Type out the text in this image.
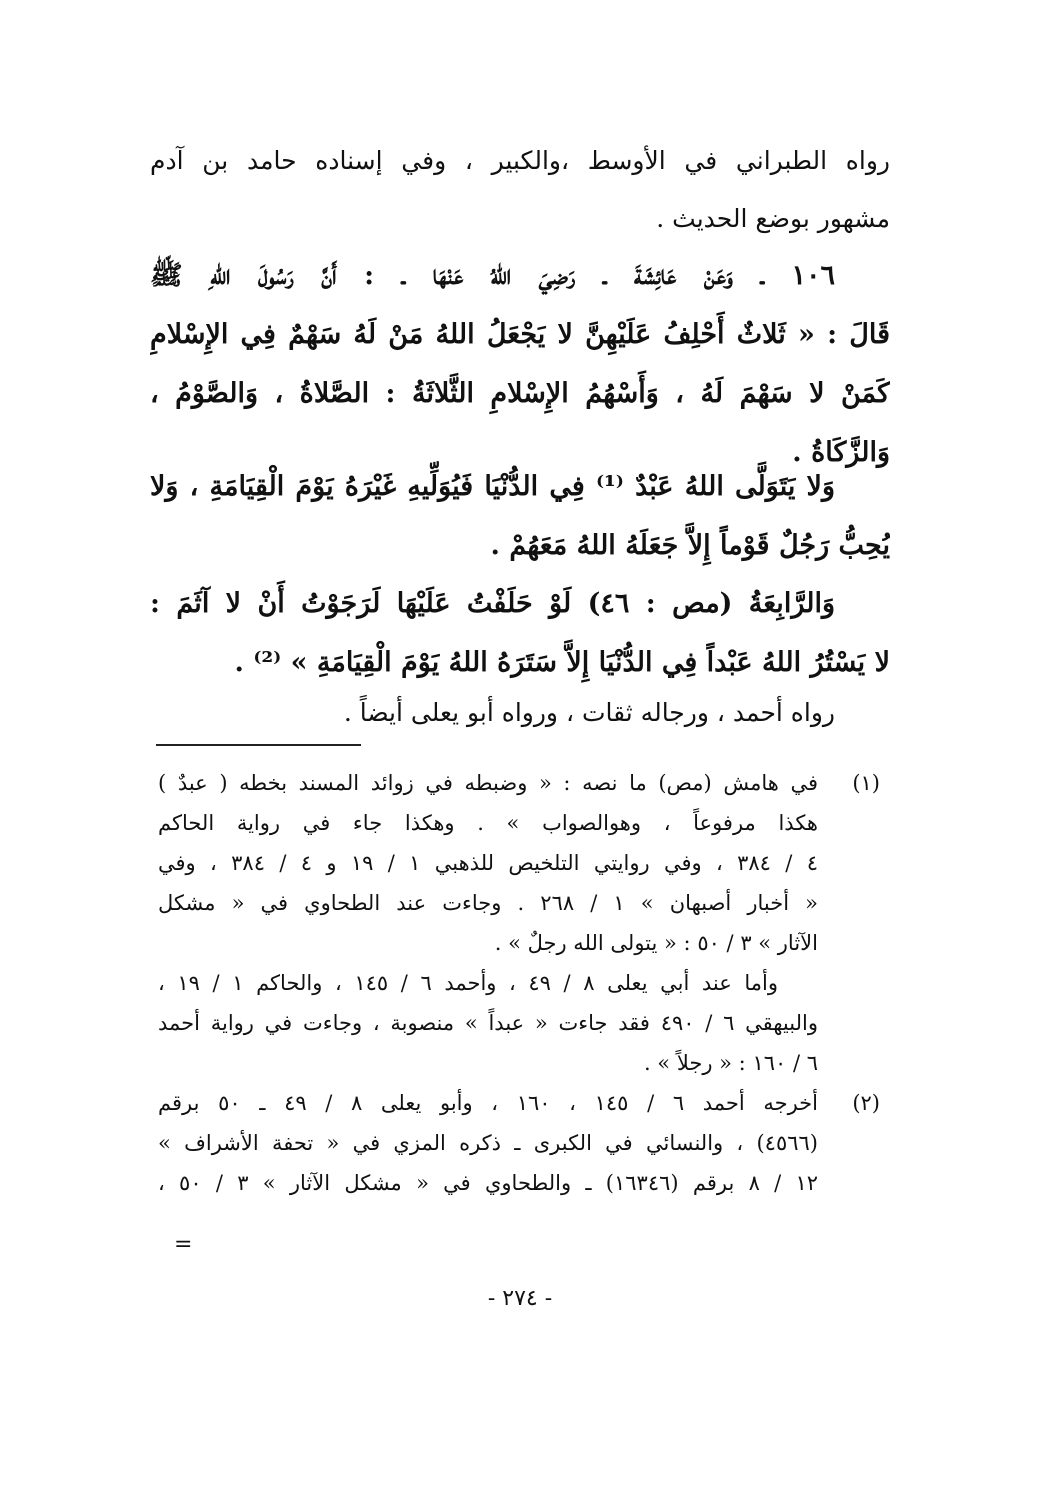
رواه الطبراني في الأوسط ،والكبير ، وفي إسناده حامد بن آدم
مشهور بوضع الحديث .
١٠٦ ـ وَعَنْ عَائِشَةَ ـ رَضِيَ اللهُ عَنْهَا ـ : أَنَّ رَسُولَ اللهِ ﷺ
قَالَ : « ثَلاثٌ أَحْلِفُ عَلَيْهِنَّ لا يَجْعَلُ اللهُ مَنْ لَهُ سَهْمٌ فِي الإِسْلامِ
كَمَنْ لا سَهْمَ لَهُ ، وَأَسْهُمُ الإِسْلامِ الثَّلاثَةُ : الصَّلاةُ ، وَالصَّوْمُ ،
وَالزَّكَاةُ .
وَلا يَتَوَلَّى اللهُ عَبْدٌ ⁽¹⁾ فِي الدُّنْيَا فَيُوَلِّيهِ غَيْرَهُ يَوْمَ الْقِيَامَةِ ، وَلا
يُحِبُّ رَجُلٌ قَوْماً إِلاَّ جَعَلَهُ اللهُ مَعَهُمْ .
وَالرَّابِعَةُ (مص : ٤٦) لَوْ حَلَفْتُ عَلَيْهَا لَرَجَوْتُ أَنْ لا آثَمَ :
لا يَسْتُرُ اللهُ عَبْداً فِي الدُّنْيَا إِلاَّ سَتَرَهُ اللهُ يَوْمَ الْقِيَامَةِ » ⁽²⁾ .
رواه أحمد ، ورجاله ثقات ، ورواه أبو يعلى أيضاً .
(١)
في هامش (مص) ما نصه : « وضبطه في زوائد المسند بخطه ( عبدٌ )
هكذا مرفوعاً ، وهوالصواب » . وهكذا جاء في رواية الحاكم
٤ / ٣٨٤ ، وفي روايتي التلخيص للذهبي ١ / ١٩ و ٤ / ٣٨٤ ، وفي
« أخبار أصبهان » ١ / ٢٦٨ . وجاءت عند الطحاوي في « مشكل
الآثار » ٣ / ٥٠ : « يتولى الله رجلٌ » .
وأما عند أبي يعلى ٨ / ٤٩ ، وأحمد ٦ / ١٤٥ ، والحاكم ١ / ١٩ ،
والبيهقي ٦ / ٤٩٠ فقد جاءت « عبداً » منصوبة ، وجاءت في رواية أحمد
٦ / ١٦٠ : « رجلاً » .
(٢)
أخرجه أحمد ٦ / ١٤٥ ، ١٦٠ ، وأبو يعلى ٨ / ٤٩ ـ ٥٠ برقم
(٤٥٦٦) ، والنسائي في الكبرى ـ ذكره المزي في « تحفة الأشراف »
١٢ / ٨ برقم (١٦٣٤٦) ـ والطحاوي في « مشكل الآثار » ٣ / ٥٠ ،
=
- ٢٧٤ -
